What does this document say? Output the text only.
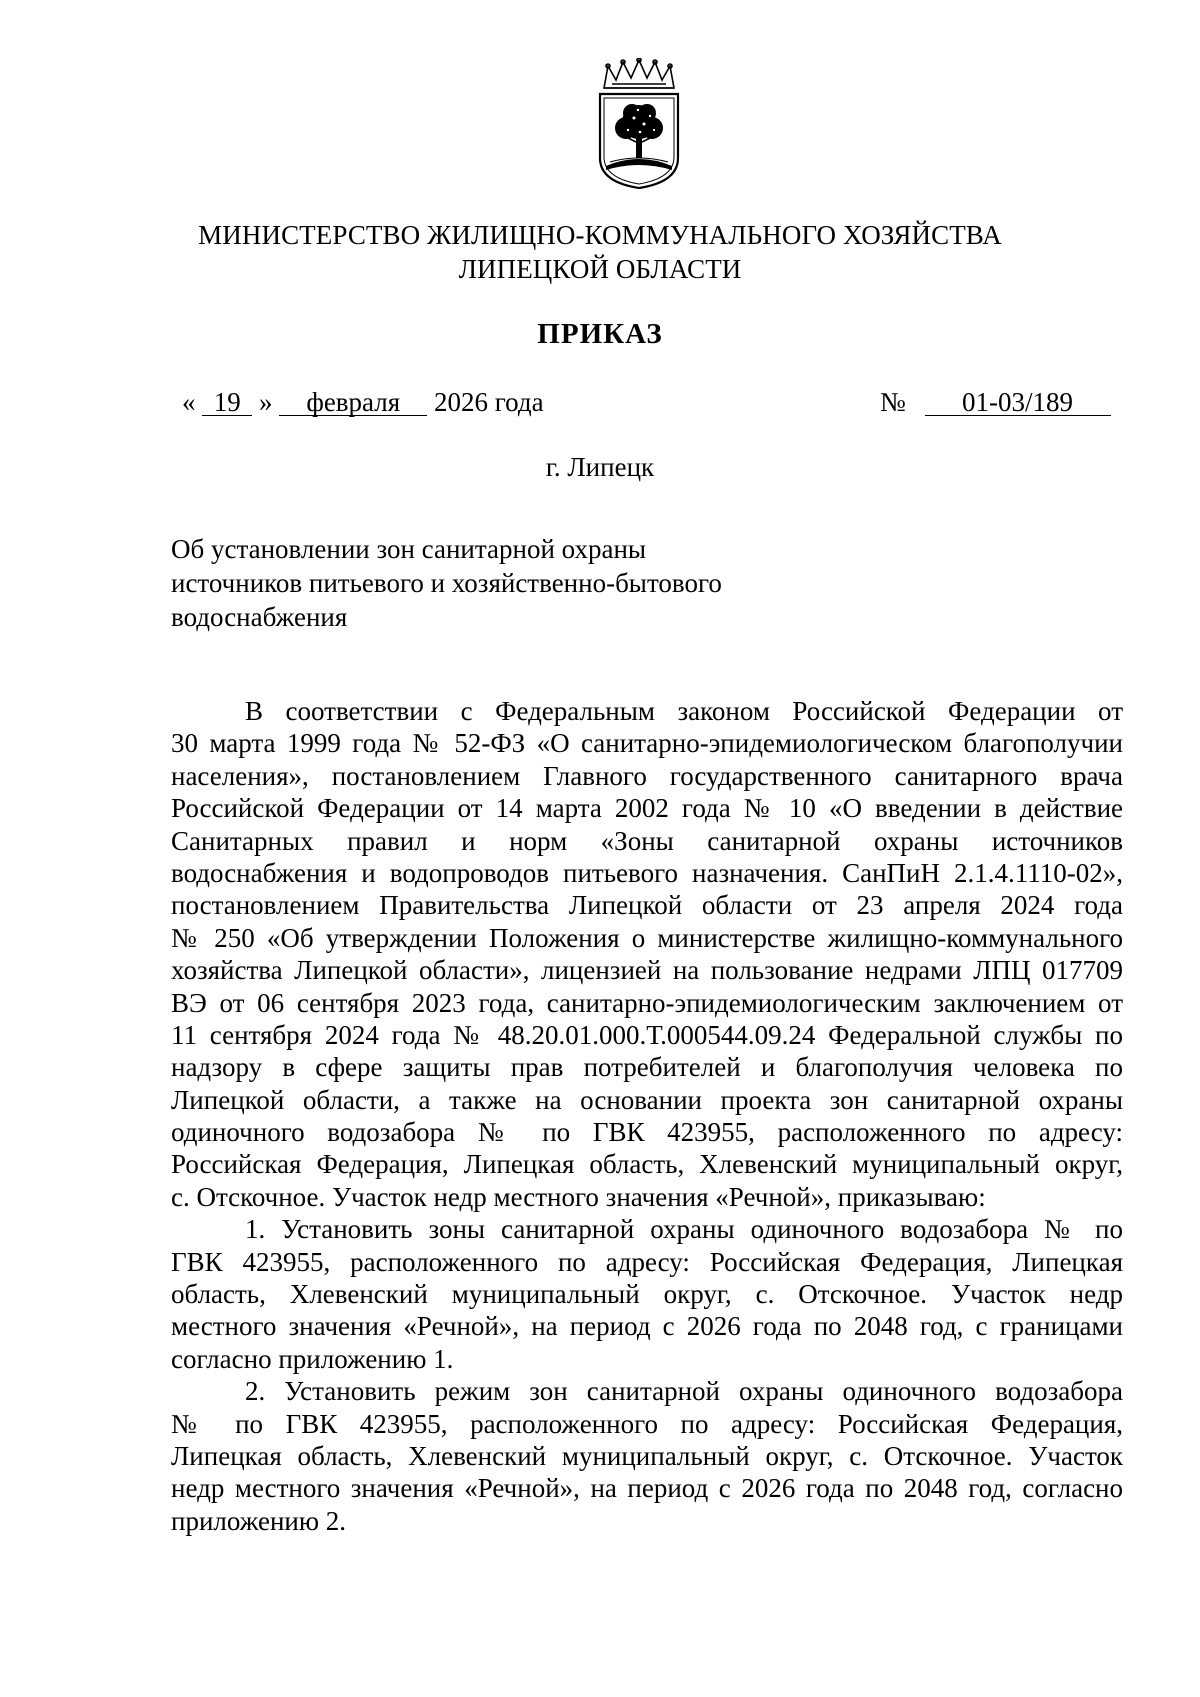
МИНИСТЕРСТВО ЖИЛИЩНО-КОММУНАЛЬНОГО ХОЗЯЙСТВА
ЛИПЕЦКОЙ ОБЛАСТИ
ПРИКАЗ
« 19 » февраля 2026 года	№ 01-03/189
г. Липецк
Об установлении зон санитарной охраны
источников питьевого и хозяйственно-бытового
водоснабжения
В соответствии с Федеральным законом Российской Федерации от
30 марта 1999 года № 52-ФЗ «О санитарно-эпидемиологическом благополучии
населения», постановлением Главного государственного санитарного врача
Российской Федерации от 14 марта 2002 года № 10 «О введении в действие
Санитарных правил и норм «Зоны санитарной охраны источников
водоснабжения и водопроводов питьевого назначения. СанПиН 2.1.4.1110-02»,
постановлением Правительства Липецкой области от 23 апреля 2024 года
№ 250 «Об утверждении Положения о министерстве жилищно-коммунального
хозяйства Липецкой области», лицензией на пользование недрами ЛПЦ 017709
ВЭ от 06 сентября 2023 года, санитарно-эпидемиологическим заключением от
11 сентября 2024 года № 48.20.01.000.Т.000544.09.24 Федеральной службы по
надзору в сфере защиты прав потребителей и благополучия человека по
Липецкой области, а также на основании проекта зон санитарной охраны
одиночного водозабора № по ГВК 423955, расположенного по адресу:
Российская Федерация, Липецкая область, Хлевенский муниципальный округ,
с. Отскочное. Участок недр местного значения «Речной», приказываю:
1. Установить зоны санитарной охраны одиночного водозабора № по
ГВК 423955, расположенного по адресу: Российская Федерация, Липецкая
область, Хлевенский муниципальный округ, с. Отскочное. Участок недр
местного значения «Речной», на период с 2026 года по 2048 год, с границами
согласно приложению 1.
2. Установить режим зон санитарной охраны одиночного водозабора
№ по ГВК 423955, расположенного по адресу: Российская Федерация,
Липецкая область, Хлевенский муниципальный округ, с. Отскочное. Участок
недр местного значения «Речной», на период с 2026 года по 2048 год, согласно
приложению 2.
